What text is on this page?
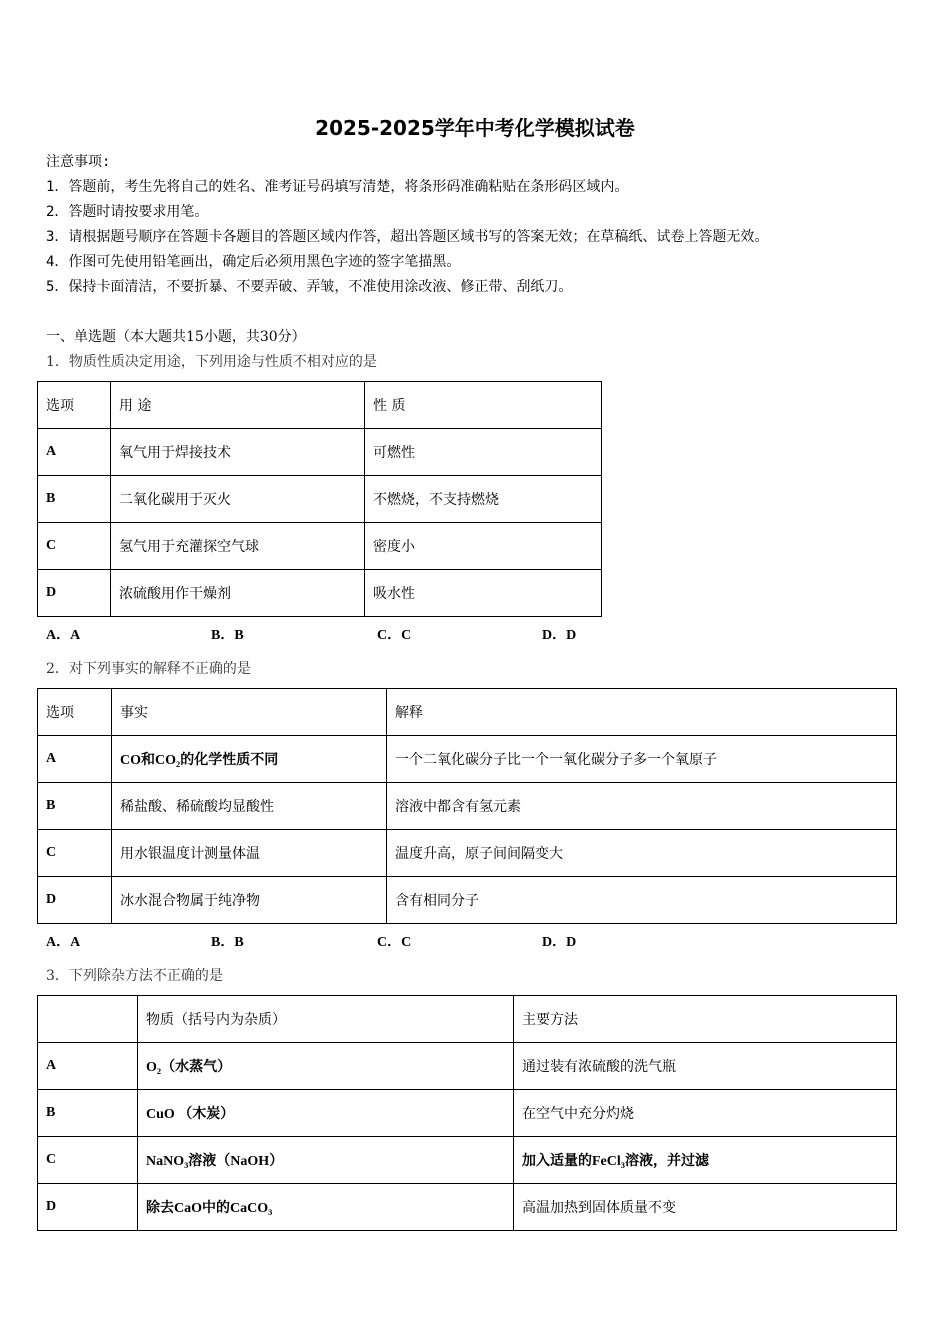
2025-2025学年中考化学模拟试卷
注意事项:
1．答题前，考生先将自己的姓名、准考证号码填写清楚，将条形码准确粘贴在条形码区域内。
2．答题时请按要求用笔。
3．请根据题号顺序在答题卡各题目的答题区域内作答，超出答题区域书写的答案无效；在草稿纸、试卷上答题无效。
4．作图可先使用铅笔画出，确定后必须用黑色字迹的签字笔描黑。
5．保持卡面清洁，不要折暴、不要弄破、弄皱，不准使用涂改液、修正带、刮纸刀。
一、单选题（本大题共15小题，共30分）
1．物质性质决定用途，下列用途与性质不相对应的是
选项	用 途	性 质
A	氧气用于焊接技术	可燃性
B	二氧化碳用于灭火	不燃烧，不支持燃烧
C	氢气用于充灌探空气球	密度小
D	浓硫酸用作干燥剂	吸水性
A．A	B．B	C．C	D．D
2．对下列事实的解释不正确的是
选项	事实	解释
A	CO和CO₂的化学性质不同	一个二氧化碳分子比一个一氧化碳分子多一个氧原子
B	稀盐酸、稀硫酸均显酸性	溶液中都含有氢元素
C	用水银温度计测量体温	温度升高，原子间间隔变大
D	冰水混合物属于纯净物	含有相同分子
A．A	B．B	C．C	D．D
3．下列除杂方法不正确的是
	物质（括号内为杂质）	主要方法
A	O₂（水蒸气）	通过装有浓硫酸的洗气瓶
B	CuO （木炭）	在空气中充分灼烧
C	NaNO₃溶液（NaOH）	加入适量的FeCl₃溶液，并过滤
D	除去CaO中的CaCO₃	高温加热到固体质量不变
